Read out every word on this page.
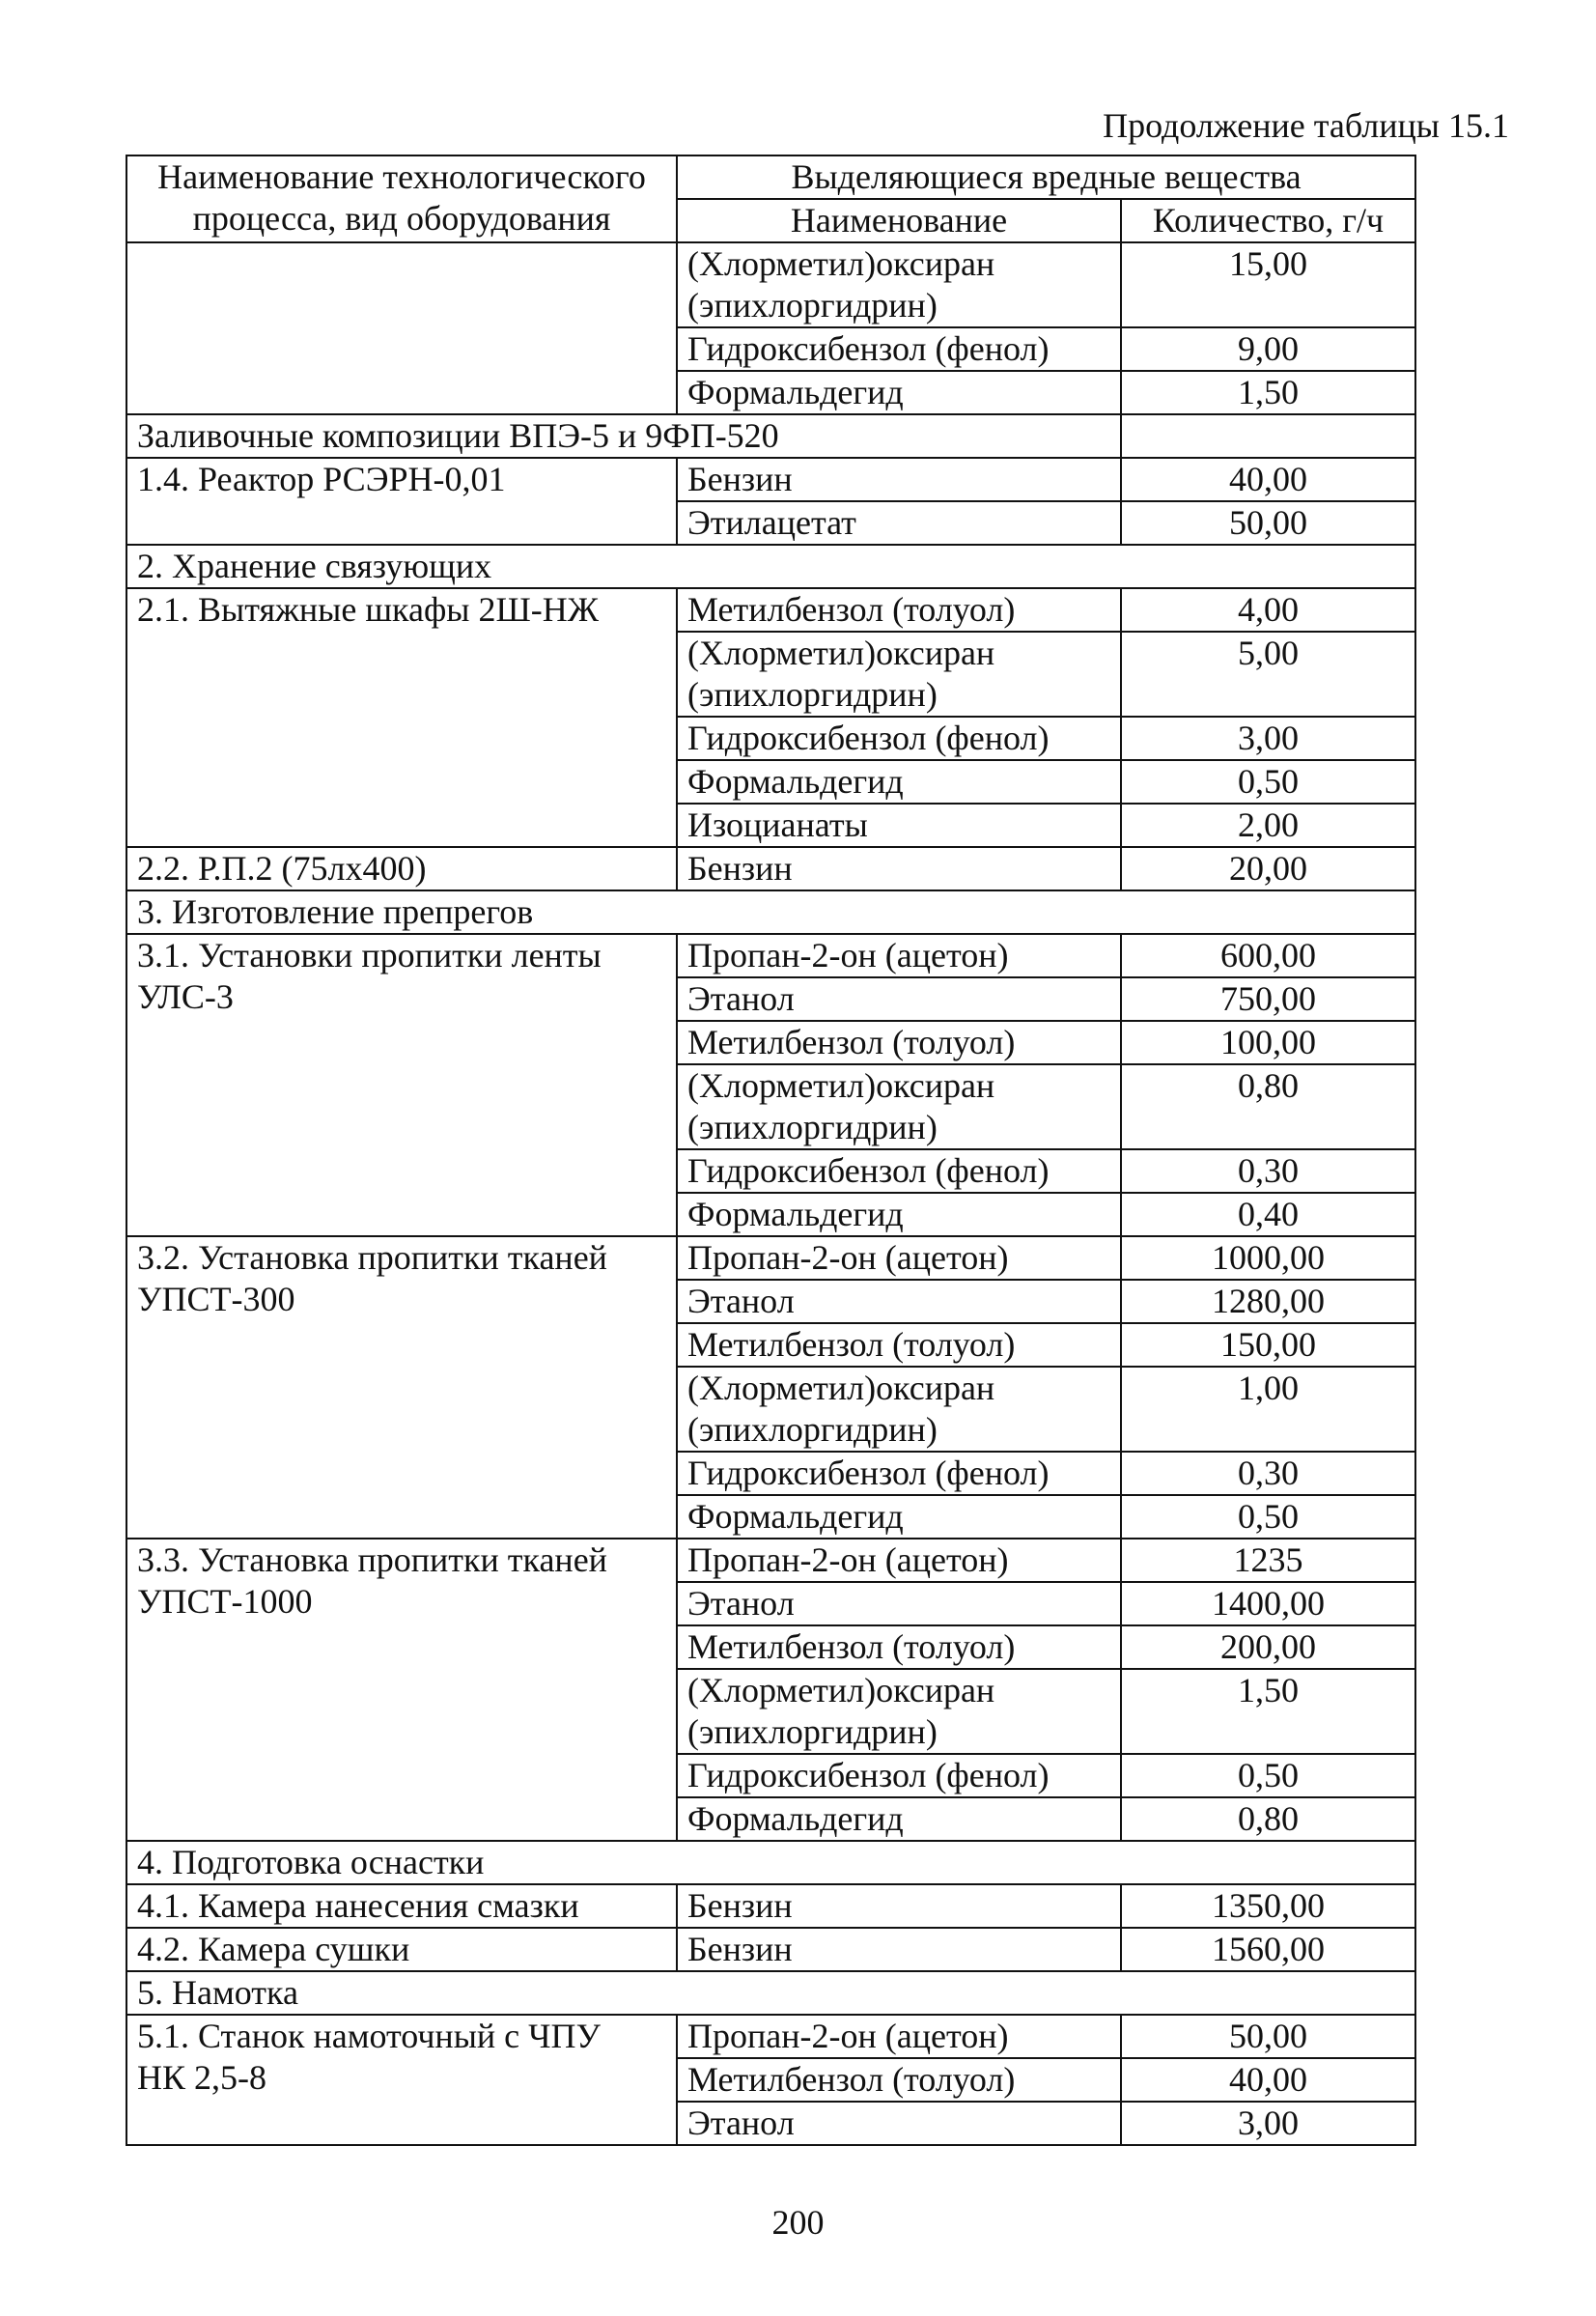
Продолжение таблицы 15.1
Наименование технологического процесса, вид оборудования	Выделяющиеся вредные вещества	
	Наименование	Количество, г/ч
	(Хлорметил)оксиран
(эпихлоргидрин)	15,00
	Гидроксибензол (фенол)	9,00
	Формальдегид	1,50
Заливочные композиции ВПЭ-5 и 9ФП-520		
1.4. Реактор РСЭРН-0,01	Бензин	40,00
	Этилацетат	50,00
2. Хранение связующих		
2.1. Вытяжные шкафы 2Ш-НЖ	Метилбензол (толуол)	4,00
	(Хлорметил)оксиран
(эпихлоргидрин)	5,00
	Гидроксибензол (фенол)	3,00
	Формальдегид	0,50
	Изоцианаты	2,00
2.2. Р.П.2 (75лх400)	Бензин	20,00
3. Изготовление препрегов		
3.1. Установки пропитки ленты
УЛС-3	Пропан-2-он (ацетон)	600,00
	Этанол	750,00
	Метилбензол (толуол)	100,00
	(Хлорметил)оксиран
(эпихлоргидрин)	0,80
	Гидроксибензол (фенол)	0,30
	Формальдегид	0,40
3.2. Установка пропитки тканей
УПСТ-300	Пропан-2-он (ацетон)	1000,00
	Этанол	1280,00
	Метилбензол (толуол)	150,00
	(Хлорметил)оксиран
(эпихлоргидрин)	1,00
	Гидроксибензол (фенол)	0,30
	Формальдегид	0,50
3.3. Установка пропитки тканей
УПСТ-1000	Пропан-2-он (ацетон)	1235
	Этанол	1400,00
	Метилбензол (толуол)	200,00
	(Хлорметил)оксиран
(эпихлоргидрин)	1,50
	Гидроксибензол (фенол)	0,50
	Формальдегид	0,80
4. Подготовка оснастки		
4.1. Камера нанесения смазки	Бензин	1350,00
4.2. Камера сушки	Бензин	1560,00
5. Намотка		
5.1. Станок намоточный с ЧПУ
НК 2,5-8	Пропан-2-он (ацетон)	50,00
	Метилбензол (толуол)	40,00
	Этанол	3,00
200
